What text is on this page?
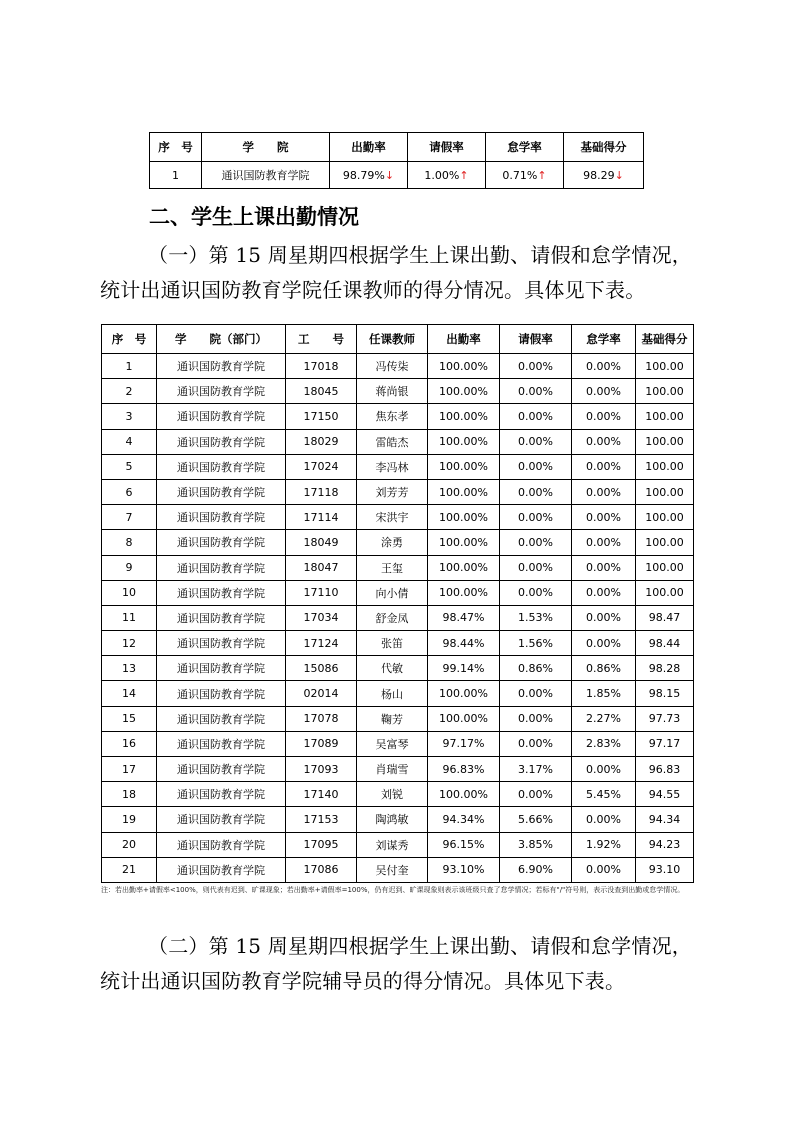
序　号	学　　院	出勤率	请假率	怠学率	基础得分
1	通识国防教育学院	98.79%↓	1.00%↑	0.71%↑	98.29↓
二、学生上课出勤情况

（一）第 15 周星期四根据学生上课出勤、请假和怠学情况，
统计出通识国防教育学院任课教师的得分情况。具体见下表。

序　号	学　　院（部门）	工　　号	任课教师	出勤率	请假率	怠学率	基础得分
1	通识国防教育学院	17018	冯传柒	100.00%	0.00%	0.00%	100.00
2	通识国防教育学院	18045	蒋尚银	100.00%	0.00%	0.00%	100.00
3	通识国防教育学院	17150	焦东孝	100.00%	0.00%	0.00%	100.00
4	通识国防教育学院	18029	雷皓杰	100.00%	0.00%	0.00%	100.00
5	通识国防教育学院	17024	李冯林	100.00%	0.00%	0.00%	100.00
6	通识国防教育学院	17118	刘芳芳	100.00%	0.00%	0.00%	100.00
7	通识国防教育学院	17114	宋洪宇	100.00%	0.00%	0.00%	100.00
8	通识国防教育学院	18049	涂勇	100.00%	0.00%	0.00%	100.00
9	通识国防教育学院	18047	王玺	100.00%	0.00%	0.00%	100.00
10	通识国防教育学院	17110	向小倩	100.00%	0.00%	0.00%	100.00
11	通识国防教育学院	17034	舒金凤	98.47%	1.53%	0.00%	98.47
12	通识国防教育学院	17124	张笛	98.44%	1.56%	0.00%	98.44
13	通识国防教育学院	15086	代敏	99.14%	0.86%	0.86%	98.28
14	通识国防教育学院	02014	杨山	100.00%	0.00%	1.85%	98.15
15	通识国防教育学院	17078	鞠芳	100.00%	0.00%	2.27%	97.73
16	通识国防教育学院	17089	吴富琴	97.17%	0.00%	2.83%	97.17
17	通识国防教育学院	17093	肖瑞雪	96.83%	3.17%	0.00%	96.83
18	通识国防教育学院	17140	刘锐	100.00%	0.00%	5.45%	94.55
19	通识国防教育学院	17153	陶鸿敏	94.34%	5.66%	0.00%	94.34
20	通识国防教育学院	17095	刘谋秀	96.15%	3.85%	1.92%	94.23
21	通识国防教育学院	17086	吴付奎	93.10%	6.90%	0.00%	93.10

注：若出勤率+请假率<100%，则代表有迟到、旷课现象；若出勤率+请假率=100%，仍有迟到、旷课现象则表示该班级只查了怠学情况；若标有"/"符号则，表示没查到出勤或怠学情况。

（二）第 15 周星期四根据学生上课出勤、请假和怠学情况，
统计出通识国防教育学院辅导员的得分情况。具体见下表。
